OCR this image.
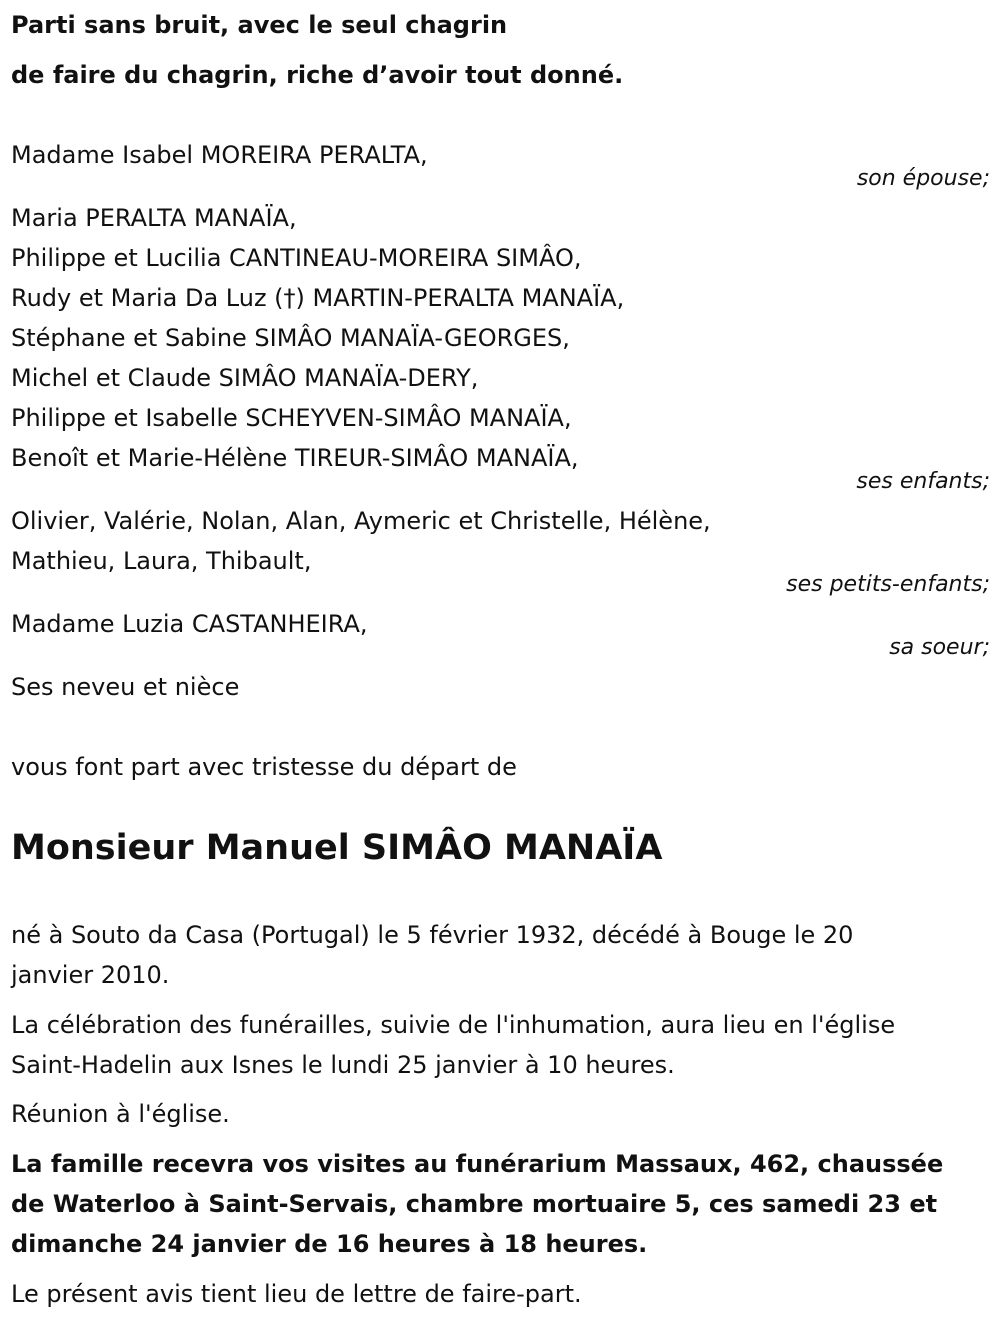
Parti sans bruit, avec le seul chagrin
de faire du chagrin, riche d’avoir tout donné.
Madame Isabel MOREIRA PERALTA,
son épouse;
Maria PERALTA MANAÏA,
Philippe et Lucilia CANTINEAU-MOREIRA SIMÂO,
Rudy et Maria Da Luz (†) MARTIN-PERALTA MANAÏA,
Stéphane et Sabine SIMÂO MANAÏA-GEORGES,
Michel et Claude SIMÂO MANAÏA-DERY,
Philippe et Isabelle SCHEYVEN-SIMÂO MANAÏA,
Benoît et Marie-Hélène TIREUR-SIMÂO MANAÏA,
ses enfants;
Olivier, Valérie, Nolan, Alan, Aymeric et Christelle, Hélène,
Mathieu, Laura, Thibault,
ses petits-enfants;
Madame Luzia CASTANHEIRA,
sa soeur;
Ses neveu et nièce
vous font part avec tristesse du départ de
Monsieur Manuel SIMÂO MANAÏA
né à Souto da Casa (Portugal) le 5 février 1932, décédé à Bouge le 20
janvier 2010.
La célébration des funérailles, suivie de l'inhumation, aura lieu en l'église
Saint-Hadelin aux Isnes le lundi 25 janvier à 10 heures.
Réunion à l'église.
La famille recevra vos visites au funérarium Massaux, 462, chaussée
de Waterloo à Saint-Servais, chambre mortuaire 5, ces samedi 23 et
dimanche 24 janvier de 16 heures à 18 heures.
Le présent avis tient lieu de lettre de faire-part.
